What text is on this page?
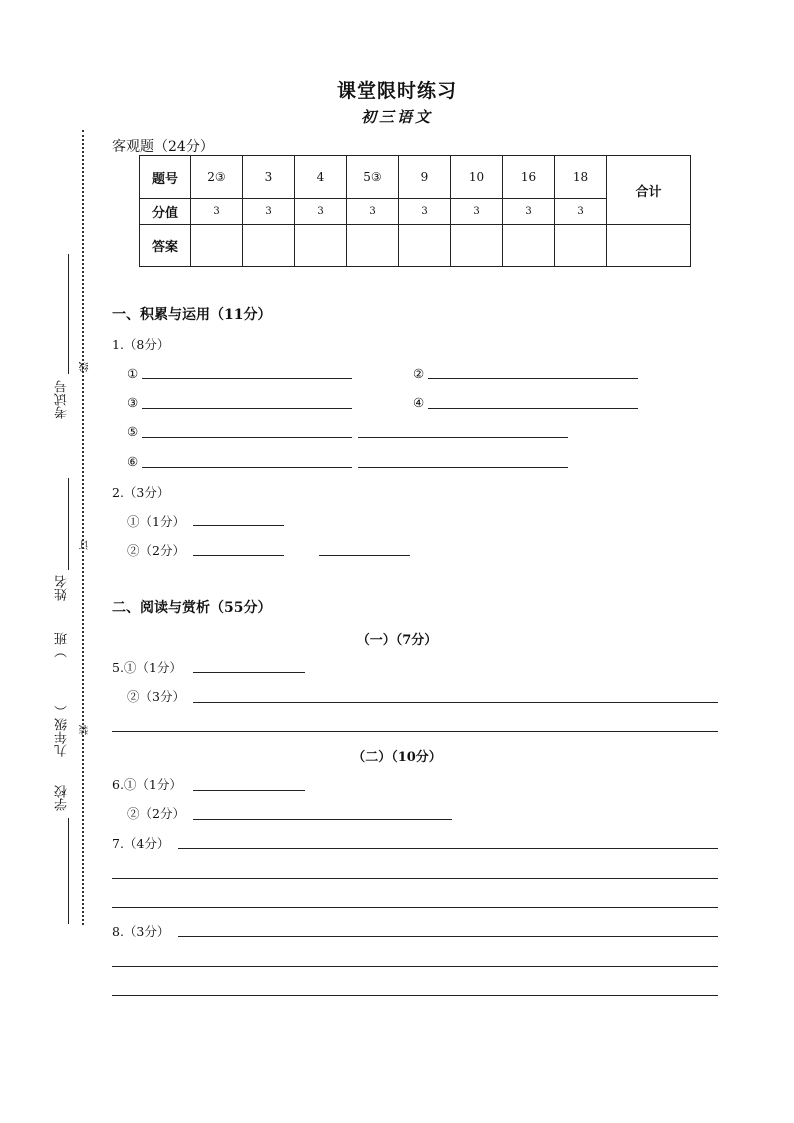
课堂限时练习
初三语文
线
订
装
考试号
姓名
）班
九年级（
学校
客观题（24分）
题号	2③	3	4	5③	9	10	16	18	合计
分值	3	3	3	3	3	3	3	3	
答案									
一、积累与运用（11分）
1.（8分）
①	②
③	④
⑤
⑥
2.（3分）
①（1分）
②（2分）
二、阅读与赏析（55分）
（一）（7分）
5.①（1分）
②（3分）
（二）（10分）
6.①（1分）
②（2分）
7.（4分）
8.（3分）
